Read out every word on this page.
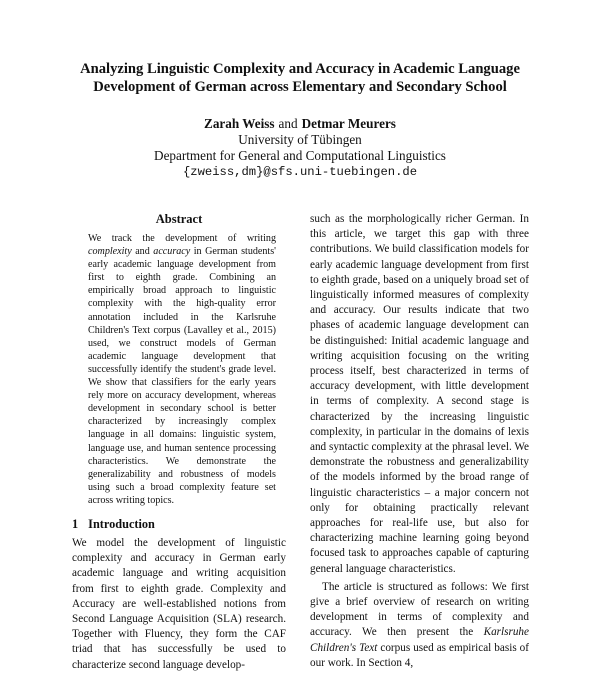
Analyzing Linguistic Complexity and Accuracy in Academic Language
Development of German across Elementary and Secondary School
Zarah Weiss and Detmar Meurers
University of Tübingen
Department for General and Computational Linguistics
{zweiss,dm}@sfs.uni-tuebingen.de
Abstract

We track the development of writing complexity and accuracy in German students' early academic language development from first to eighth grade. Combining an empirically broad approach to linguistic complexity with the high-quality error annotation included in the Karlsruhe Children's Text corpus (Lavalley et al., 2015) used, we construct models of German academic language development that successfully identify the student's grade level. We show that classifiers for the early years rely more on accuracy development, whereas development in secondary school is better characterized by increasingly complex language in all domains: linguistic system, language use, and human sentence processing characteristics. We demonstrate the generalizability and robustness of models using such a broad complexity feature set across writing topics.

1 Introduction

We model the development of linguistic complexity and accuracy in German early academic language and writing acquisition from first to eighth grade. Complexity and Accuracy are well-established notions from Second Language Acquisition (SLA) research. Together with Fluency, they form the CAF triad that has successfully be used to characterize second language develop-

such as the morphologically richer German. In this article, we target this gap with three contributions. We build classification models for early academic language development from first to eighth grade, based on a uniquely broad set of linguistically informed measures of complexity and accuracy. Our results indicate that two phases of academic language development can be distinguished: Initial academic language and writing acquisition focusing on the writing process itself, best characterized in terms of accuracy development, with little development in terms of complexity. A second stage is characterized by the increasing linguistic complexity, in particular in the domains of lexis and syntactic complexity at the phrasal level. We demonstrate the robustness and generalizability of the models informed by the broad range of linguistic characteristics – a major concern not only for obtaining practically relevant approaches for real-life use, but also for characterizing machine learning going beyond focused task to approaches capable of capturing general language characteristics.

The article is structured as follows: We first give a brief overview of research on writing development in terms of complexity and accuracy. We then present the Karlsruhe Children's Text corpus used as empirical basis of our work. In Section 4,
